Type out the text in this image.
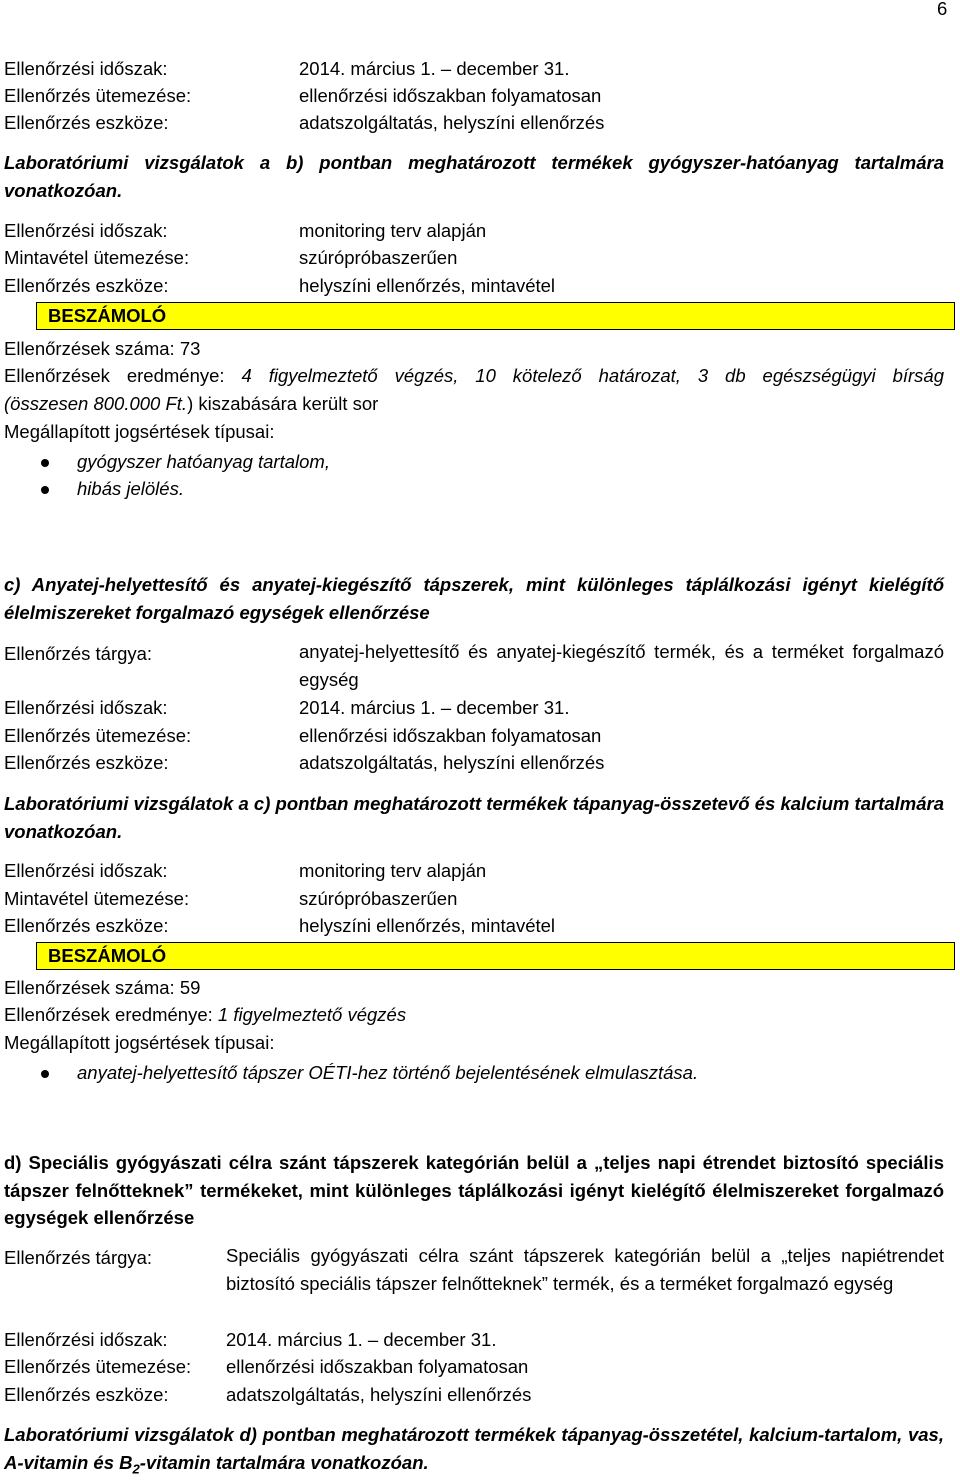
6
Ellenőrzési időszak:	2014. március 1. – december 31.
Ellenőrzés ütemezése:	ellenőrzési időszakban folyamatosan
Ellenőrzés eszköze:	adatszolgáltatás, helyszíni ellenőrzés

Laboratóriumi vizsgálatok a b) pontban meghatározott termékek gyógyszer-hatóanyag tartalmára vonatkozóan.

Ellenőrzési időszak:	monitoring terv alapján
Mintavétel ütemezése:	szúrópróbaszerűen
Ellenőrzés eszköze:	helyszíni ellenőrzés, mintavétel
BESZÁMOLÓ
Ellenőrzések száma: 73
Ellenőrzések eredménye: 4 figyelmeztető végzés, 10 kötelező határozat, 3 db egészségügyi bírság
(összesen 800.000 Ft.) kiszabására került sor
Megállapított jogsértések típusai:
gyógyszer hatóanyag tartalom,
hibás jelölés.

c) Anyatej-helyettesítő és anyatej-kiegészítő tápszerek, mint különleges táplálkozási igényt kielégítő élelmiszereket forgalmazó egységek ellenőrzése

Ellenőrzés tárgya:	anyatej-helyettesítő és anyatej-kiegészítő termék, és a terméket forgalmazó egység
Ellenőrzési időszak:	2014. március 1. – december 31.
Ellenőrzés ütemezése:	ellenőrzési időszakban folyamatosan
Ellenőrzés eszköze:	adatszolgáltatás, helyszíni ellenőrzés

Laboratóriumi vizsgálatok a c) pontban meghatározott termékek tápanyag-összetevő és kalcium tartalmára vonatkozóan.

Ellenőrzési időszak:	monitoring terv alapján
Mintavétel ütemezése:	szúrópróbaszerűen
Ellenőrzés eszköze:	helyszíni ellenőrzés, mintavétel
BESZÁMOLÓ
Ellenőrzések száma: 59
Ellenőrzések eredménye: 1 figyelmeztető végzés
Megállapított jogsértések típusai:
anyatej-helyettesítő tápszer OÉTI-hez történő bejelentésének elmulasztása.

d) Speciális gyógyászati célra szánt tápszerek kategórián belül a „teljes napi étrendet biztosító speciális tápszer felnőtteknek” termékeket, mint különleges táplálkozási igényt kielégítő élelmiszereket forgalmazó egységek ellenőrzése

Ellenőrzés tárgya:	Speciális gyógyászati célra szánt tápszerek kategórián belül a „teljes napiétrendet biztosító speciális tápszer felnőtteknek” termék, és a terméket forgalmazó egység
Ellenőrzési időszak:	2014. március 1. – december 31.
Ellenőrzés ütemezése: ellenőrzési időszakban folyamatosan
Ellenőrzés eszköze:	adatszolgáltatás, helyszíni ellenőrzés

Laboratóriumi vizsgálatok d) pontban meghatározott termékek tápanyag-összetétel, kalcium-tartalom, vas, A-vitamin és $B_2$-vitamin tartalmára vonatkozóan.
